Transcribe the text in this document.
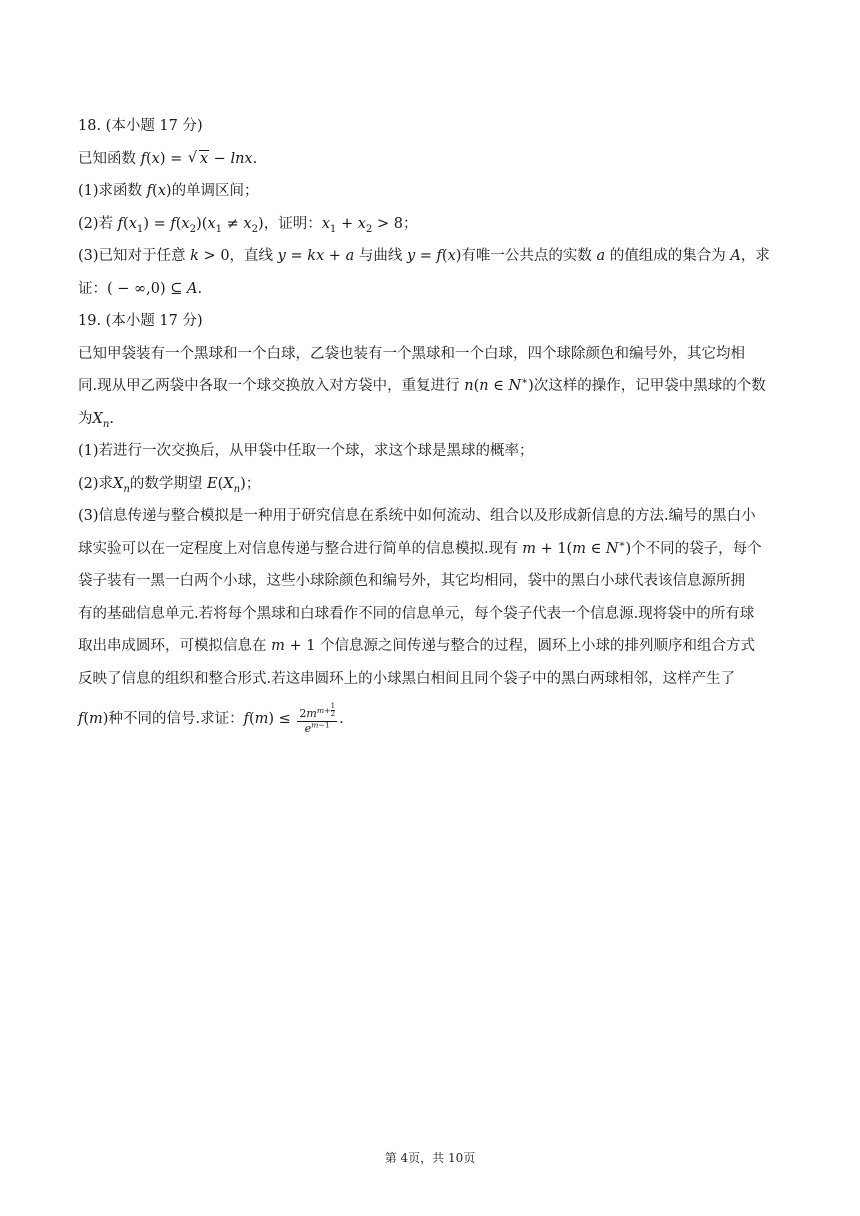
18. (本小题 17 分)
已知函数 f(x) = √ x − lnx.
(1)求函数 f(x)的单调区间；
(2)若 $f(x_1) = f(x_2)(x_1 \ne x_2)$，证明：$x_1 + x_2 > 8$；
(3)已知对于任意 k > 0，直线 y = kx + a 与曲线 y = f(x)有唯一公共点的实数 a 的值组成的集合为 A，求
证：( − ∞,0) ⊆ A.
19. (本小题 17 分)
已知甲袋装有一个黑球和一个白球，乙袋也装有一个黑球和一个白球，四个球除颜色和编号外，其它均相
同.现从甲乙两袋中各取一个球交换放入对方袋中，重复进行 n(n ∈ N∗)次这样的操作，记甲袋中黑球的个数
为$X_n$.
(1)若进行一次交换后，从甲袋中任取一个球，求这个球是黑球的概率；
(2)求$X_n$的数学期望 $E(X_n)$；
(3)信息传递与整合模拟是一种用于研究信息在系统中如何流动、组合以及形成新信息的方法.编号的黑白小
球实验可以在一定程度上对信息传递与整合进行简单的信息模拟.现有 m + 1(m ∈ N∗)个不同的袋子，每个
袋子装有一黑一白两个小球，这些小球除颜色和编号外，其它均相同，袋中的黑白小球代表该信息源所拥
有的基础信息单元.若将每个黑球和白球看作不同的信息单元，每个袋子代表一个信息源.现将袋中的所有球
取出串成圆环，可模拟信息在 m + 1 个信息源之间传递与整合的过程，圆环上小球的排列顺序和组合方式
反映了信息的组织和整合形式.若这串圆环上的小球黑白相间且同个袋子中的黑白两球相邻，这样产生了
f(m)种不同的信号.求证：$f(m) \le 2m^{m+ \frac{1}{2}}$
$e^{m-1}$ .
第 4页，共 10页
